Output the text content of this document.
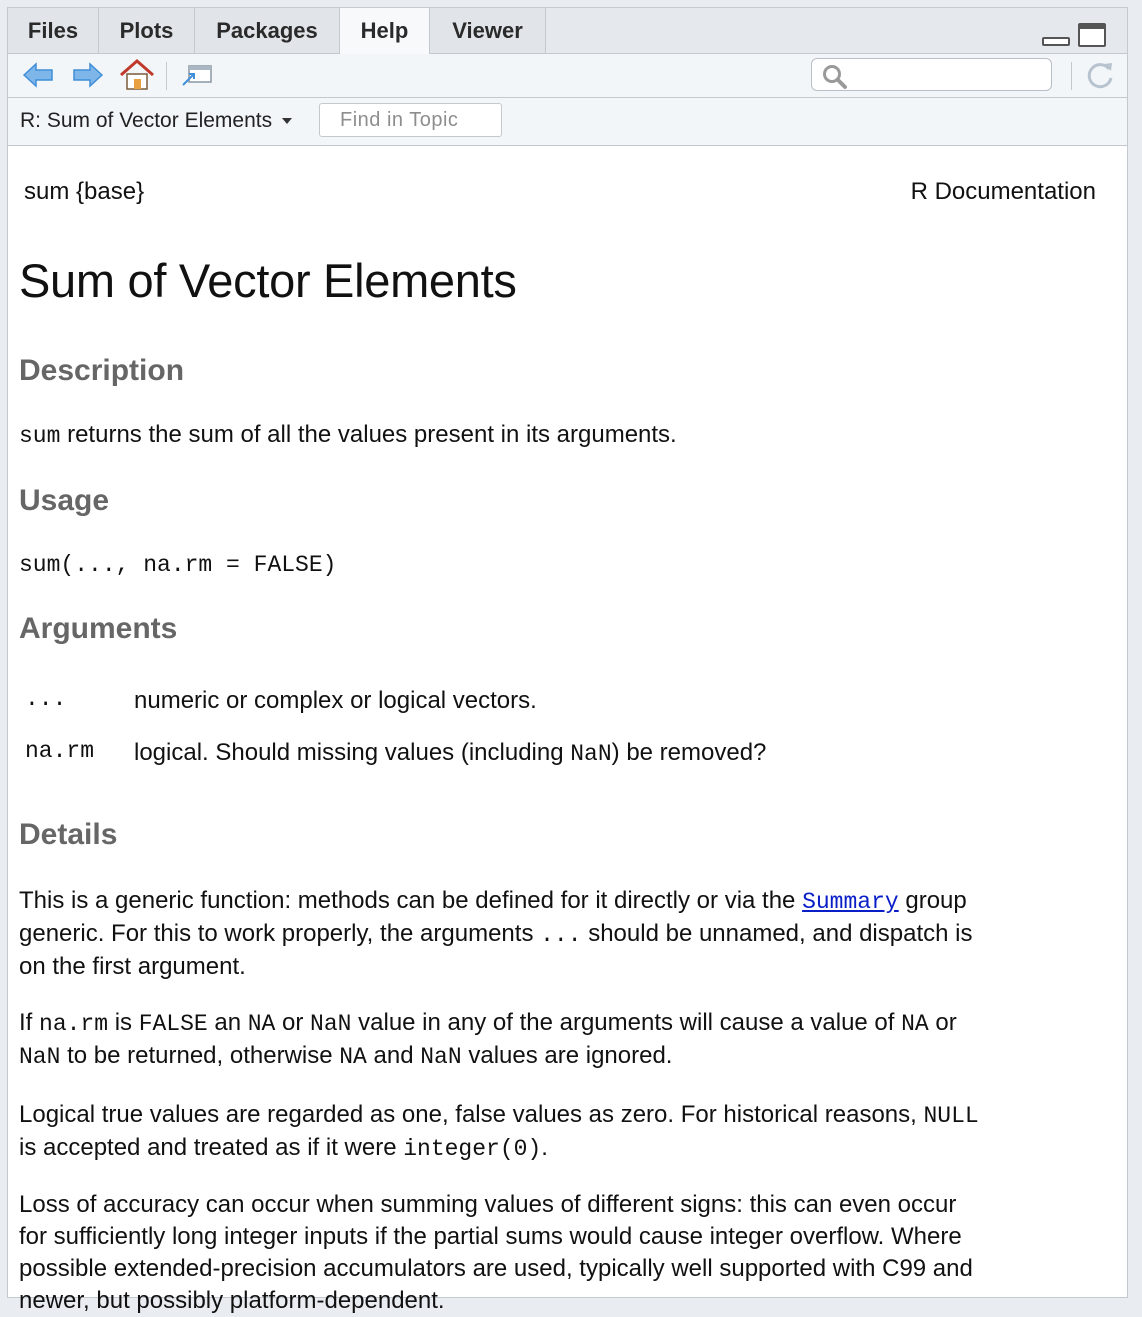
Files	Plots	Packages	Help	Viewer
R: Sum of Vector Elements
Find in Topic
sum {base}	R Documentation
Sum of Vector Elements
Description
sum returns the sum of all the values present in its arguments.
Usage
sum(..., na.rm = FALSE)
Arguments
...	numeric or complex or logical vectors.
na.rm logical. Should missing values (including NaN) be removed?
Details
This is a generic function: methods can be defined for it directly or via the Summary group
generic. For this to work properly, the arguments ... should be unnamed, and dispatch is
on the first argument.
If na.rm is FALSE an NA or NaN value in any of the arguments will cause a value of NA or
NaN to be returned, otherwise NA and NaN values are ignored.
Logical true values are regarded as one, false values as zero. For historical reasons, NULL
is accepted and treated as if it were integer(0).
Loss of accuracy can occur when summing values of different signs: this can even occur
for sufficiently long integer inputs if the partial sums would cause integer overflow. Where
possible extended-precision accumulators are used, typically well supported with C99 and
newer, but possibly platform-dependent.
